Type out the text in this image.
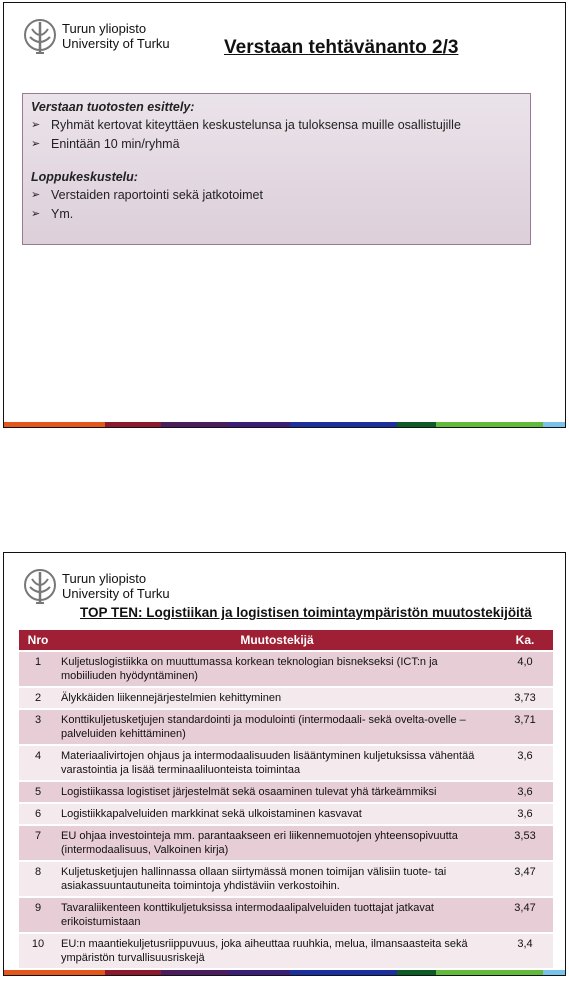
Turun yliopisto
University of Turku	Verstaan tehtävänanto 2/3
Verstaan tuotosten esittely:
➢ Ryhmät kertovat kiteyttäen keskustelunsa ja tuloksensa muille osallistujille
➢ Enintään 10 min/ryhmä
Loppukeskustelu:
➢ Verstaiden raportointi sekä jatkotoimet
➢ Ym.
Turun yliopisto
University of Turku
TOP TEN: Logistiikan ja logistisen toimintaympäristön muutostekijöitä
Nro	Muutostekijä	Ka.
1	Kuljetuslogistiikka on muuttumassa korkean teknologian bisnekseksi (ICT:n ja mobiiliuden hyödyntäminen)	4,0
2	Älykkäiden liikennejärjestelmien kehittyminen	3,73
3	Konttikuljetusketjujen standardointi ja modulointi (intermodaali- sekä ovelta-ovelle –palveluiden kehittäminen)	3,71
4	Materiaalivirtojen ohjaus ja intermodaalisuuden lisääntyminen kuljetuksissa vähentää varastointia ja lisää terminaaliluonteista toimintaa	3,6
5	Logistiikassa logistiset järjestelmät sekä osaaminen tulevat yhä tärkeämmiksi	3,6
6	Logistiikkapalveluiden markkinat sekä ulkoistaminen kasvavat	3,6
7	EU ohjaa investointeja mm. parantaakseen eri liikennemuotojen yhteensopivuutta (intermodaalisuus, Valkoinen kirja)	3,53
8	Kuljetusketjujen hallinnassa ollaan siirtymässä monen toimijan välisiin tuote- tai asiakassuuntautuneita toimintoja yhdistäviin verkostoihin.	3,47
9	Tavaraliikenteen konttikuljetuksissa intermodaalipalveluiden tuottajat jatkavat erikoistumistaan	3,47
10	EU:n maantiekuljetusriippuvuus, joka aiheuttaa ruuhkia, melua, ilmansaasteita sekä ympäristön turvallisuusriskejä	3,4
